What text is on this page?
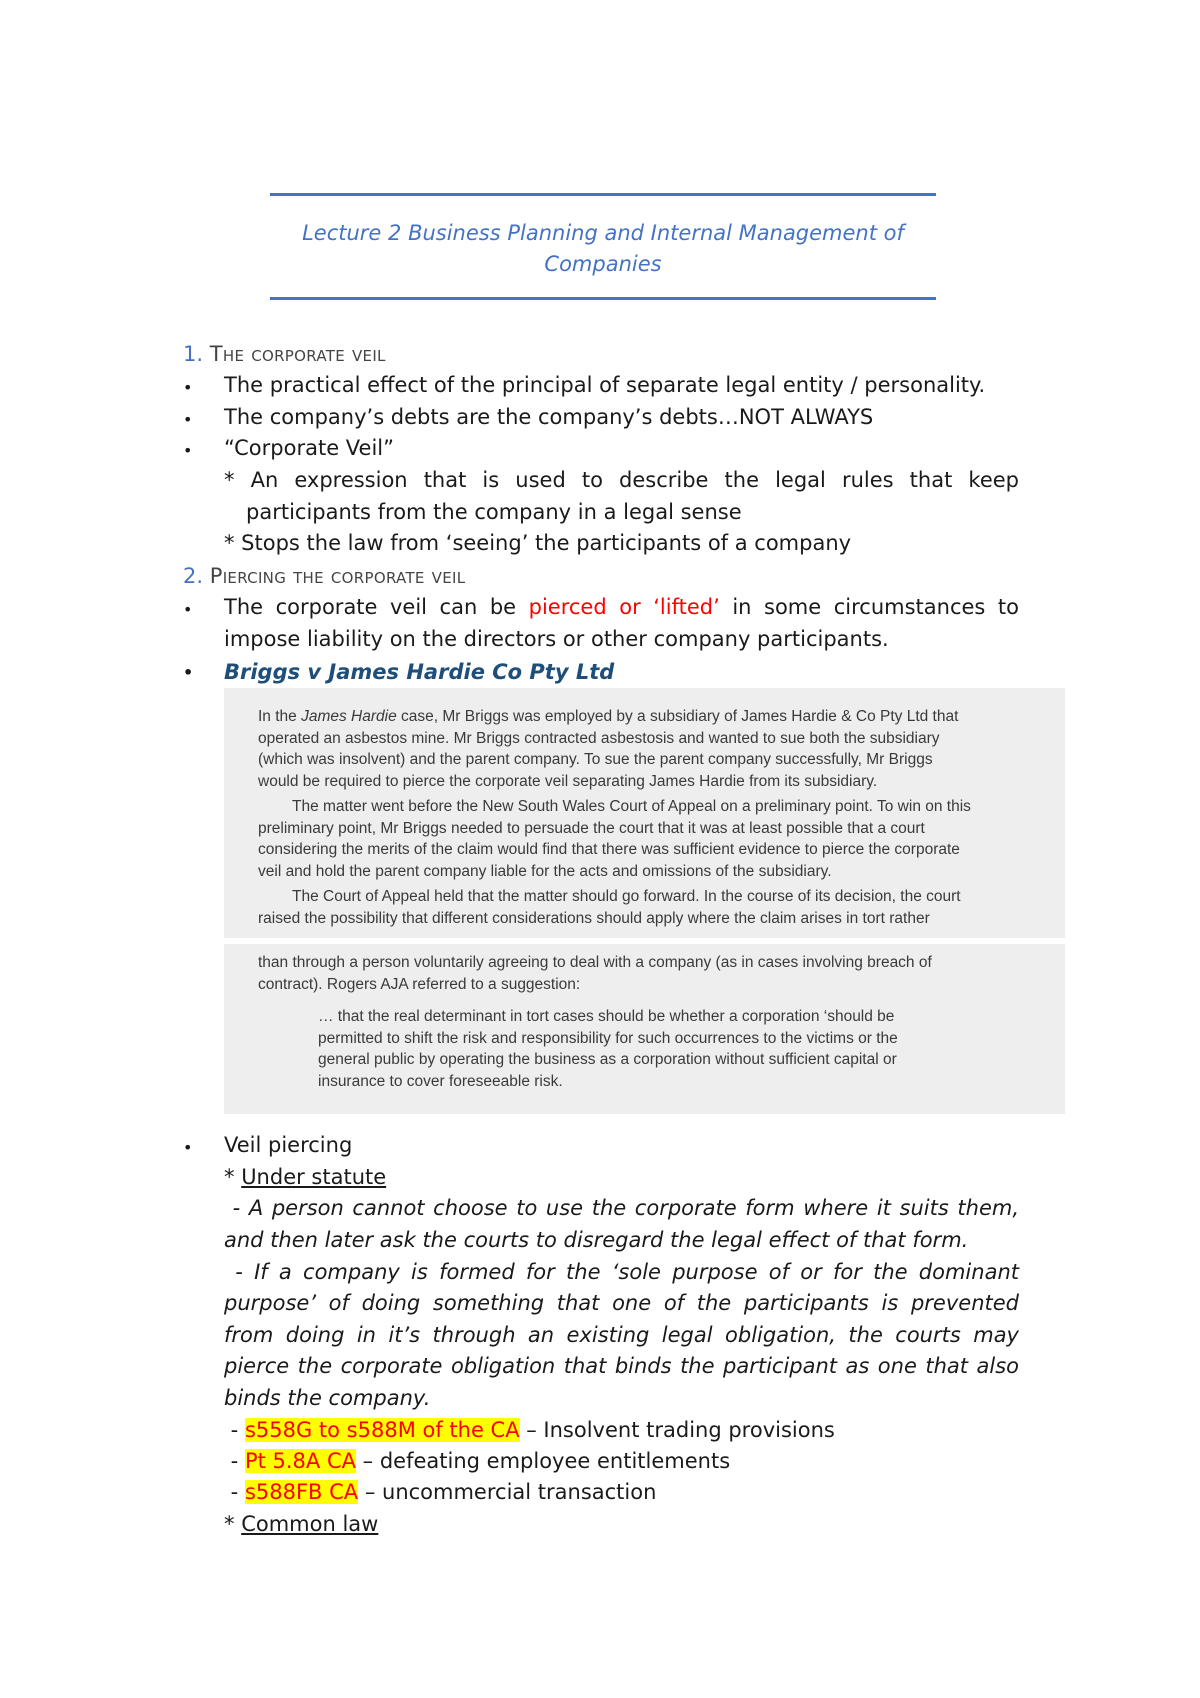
Lecture 2 Business Planning and Internal Management of
Companies
1. The corporate veil
• The practical effect of the principal of separate legal entity / personality.
• The company’s debts are the company’s debts…NOT ALWAYS
• “Corporate Veil”
* An expression that is used to describe the legal rules that keep
participants from the company in a legal sense
* Stops the law from ‘seeing’ the participants of a company
2. Piercing the corporate veil
• The corporate veil can be pierced or ‘lifted’ in some circumstances to
impose liability on the directors or other company participants.
• Briggs v James Hardie Co Pty Ltd
In the James Hardie case, Mr Briggs was employed by a subsidiary of James Hardie & Co Pty Ltd that
operated an asbestos mine. Mr Briggs contracted asbestosis and wanted to sue both the subsidiary
(which was insolvent) and the parent company. To sue the parent company successfully, Mr Briggs
would be required to pierce the corporate veil separating James Hardie from its subsidiary.
The matter went before the New South Wales Court of Appeal on a preliminary point. To win on this
preliminary point, Mr Briggs needed to persuade the court that it was at least possible that a court
considering the merits of the claim would find that there was sufficient evidence to pierce the corporate
veil and hold the parent company liable for the acts and omissions of the subsidiary.
The Court of Appeal held that the matter should go forward. In the course of its decision, the court
raised the possibility that different considerations should apply where the claim arises in tort rather
than through a person voluntarily agreeing to deal with a company (as in cases involving breach of
contract). Rogers AJA referred to a suggestion:
… that the real determinant in tort cases should be whether a corporation ‘should be
permitted to shift the risk and responsibility for such occurrences to the victims or the
general public by operating the business as a corporation without sufficient capital or
insurance to cover foreseeable risk.
• Veil piercing
* Under statute
- A person cannot choose to use the corporate form where it suits them,
and then later ask the courts to disregard the legal effect of that form.
- If a company is formed for the ‘sole purpose of or for the dominant
purpose’ of doing something that one of the participants is prevented
from doing in it’s through an existing legal obligation, the courts may
pierce the corporate obligation that binds the participant as one that also
binds the company.
- s558G to s588M of the CA – Insolvent trading provisions
- Pt 5.8A CA – defeating employee entitlements
- s588FB CA – uncommercial transaction
* Common law
